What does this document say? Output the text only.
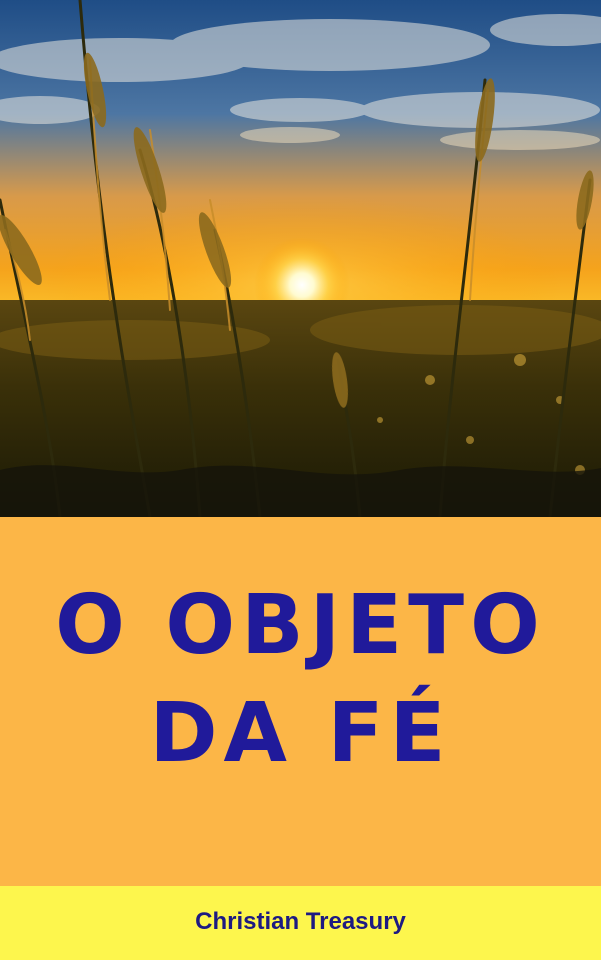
O OBJETO
DA FÉ
Christian Treasury
